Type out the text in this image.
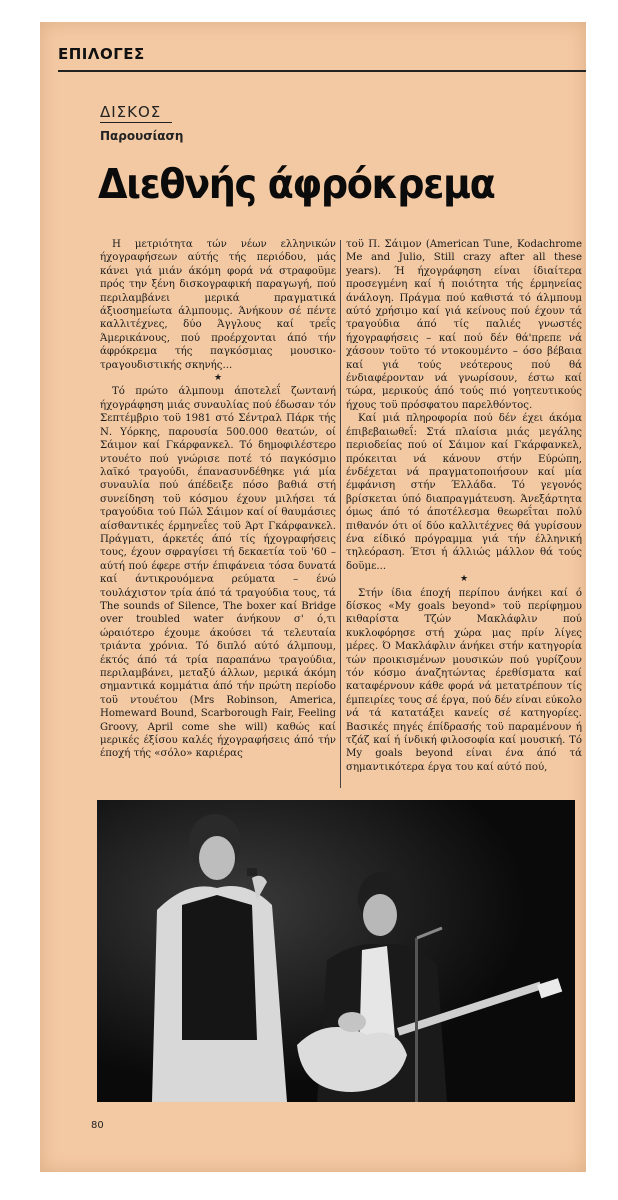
ΕΠΙΛΟΓΕΣ
ΔΙΣΚΟΣ
Παρουσίαση
Διεθνής άφρόκρεμα

Η μετριότητα τών νέων ελληνικών ήχογραφήσεων αύτής τής περιόδου, μάς κάνει γιά μιάν άκόμη φορά νά στραφοϋμε πρός την ξένη δισκογραφική παραγωγή, πού περιλαμβάνει μερικά πραγματικά άξιοσημείωτα άλμπουμς. Άνήκουν σέ πέντε καλλιτέχνες, δύο Άγγλους καί τρεΐς Άμερικάνους, πού προέρχονται άπό τήν άφρόκρεμα τής παγκόσμιας μουσικο-τραγουδιστικής σκηνής...

★

Τό πρώτο άλμπουμ άποτελεΐ ζωντανή ήχογράφηση μιάς συναυλίας πού έδωσαν τόν Σεπτέμβριο τοϋ 1981 στό Σέντραλ Πάρκ τής Ν. Υόρκης, παρουσία 500.000 θεατών, οί Σάιμον καί Γκάρφανκελ. Τό δημοφιλέστερο ντουέτο πού γνώρισε ποτέ τό παγκόσμιο λαϊκό τραγούδι, έπανασυνδέθηκε γιά μία συναυλία πού άπέδειξε πόσο βαθιά στή συνείδηση τοϋ κόσμου έχουν μιλήσει τά τραγούδια τού Πώλ Σάιμον καί οί θαυμάσιες αίσθαντικές έρμηνεΐες τοϋ Άρτ Γκάρφανκελ. Πράγματι, άρκετές άπό τίς ήχογραφήσεις τους, έχουν σφραγίσει τή δεκαετία τοϋ '60 – αύτή πού έφερε στήν έπιφάνεια τόσα δυνατά καί άντικρουόμενα ρεύματα – ένώ τουλάχιστον τρία άπό τά τραγούδια τους, τά The sounds of Silence, The boxer καί Bridge over troubled water άνήκουν σ' ό,τι ώραιότερο έχουμε άκούσει τά τελευταία τριάντα χρόνια. Τό διπλό αύτό άλμπουμ, έκτός άπό τά τρία παραπάνω τραγούδια, περιλαμβάνει, μεταξύ άλλων, μερικά άκόμη σημαντικά κομμάτια άπό τήν πρώτη περίοδο τοϋ ντουέτου (Mrs Robinson, America, Homeward Bound, Scarborough Fair, Feeling Groovy, April come she will) καθώς καί μερικές έξίσου καλές ήχογραφήσεις άπό τήν έποχή τής «σόλο» καριέρας

τοϋ Π. Σάιμον (American Tune, Kodachrome Me and Julio, Still crazy after all these years). Ή ήχογράφηση είναι ίδιαίτερα προσεγμένη καί ή ποιότητα τής έρμηνείας άνάλογη. Πράγμα πού καθιστά τό άλμπουμ αύτό χρήσιμο καί γιά κείνους πού έχουν τά τραγούδια άπό τίς παλιές γνωστές ήχογραφήσεις – καί πού δέν θά'πρεπε νά χάσουν τοϋτο τό ντοκουμέντο – όσο βέβαια καί γιά τούς νεότερους πού θά ένδιαφέρονταν νά γνωρίσουν, έστω καί τώρα, μερικούς άπό τούς πιό γοητευτικούς ήχους τοϋ πρόσφατου παρελθόντος.

Καί μιά πληροφορία πού δέν έχει άκόμα έπιβεβαιωθεΐ: Στά πλαίσια μιάς μεγάλης περιοδείας πού οί Σάιμον καί Γκάρφανκελ, πρόκειται νά κάνουν στήν Εύρώπη, ένδέχεται νά πραγματοποιήσουν καί μία έμφάνιση στήν Έλλάδα. Τό γεγονός βρίσκεται ύπό διαπραγμάτευση. Άνεξάρτητα όμως άπό τό άποτέλεσμα θεωρεΐται πολύ πιθανόν ότι οί δύο καλλιτέχνες θά γυρίσουν ένα είδικό πρόγραμμα γιά τήν έλληνική τηλεόραση. Έτσι ή άλλιώς μάλλον θά τούς δοϋμε...

★

Στήν ίδια έποχή περίπου άνήκει καί ό δίσκος «My goals beyond» τοϋ περίφημου κιθαρίστα Τζών Μακλάφλιν πού κυκλοφόρησε στή χώρα μας πρίν λίγες μέρες. Ό Μακλάφλιν άνήκει στήν κατηγορία τών προικισμένων μουσικών πού γυρίζουν τόν κόσμο άναζητώντας έρεθίσματα καί καταφέρνουν κάθε φορά νά μετατρέπουν τίς έμπειρίες τους σέ έργα, πού δέν είναι εύκολο νά τά κατατάξει κανείς σέ κατηγορίες. Βασικές πηγές έπίδρασής τοϋ παραμένουν ή τζάζ καί ή ίνδική φιλοσοφία καί μουσική. Τό My goals beyond είναι ένα άπό τά σημαντικότερα έργα του καί αύτό πού,

80
